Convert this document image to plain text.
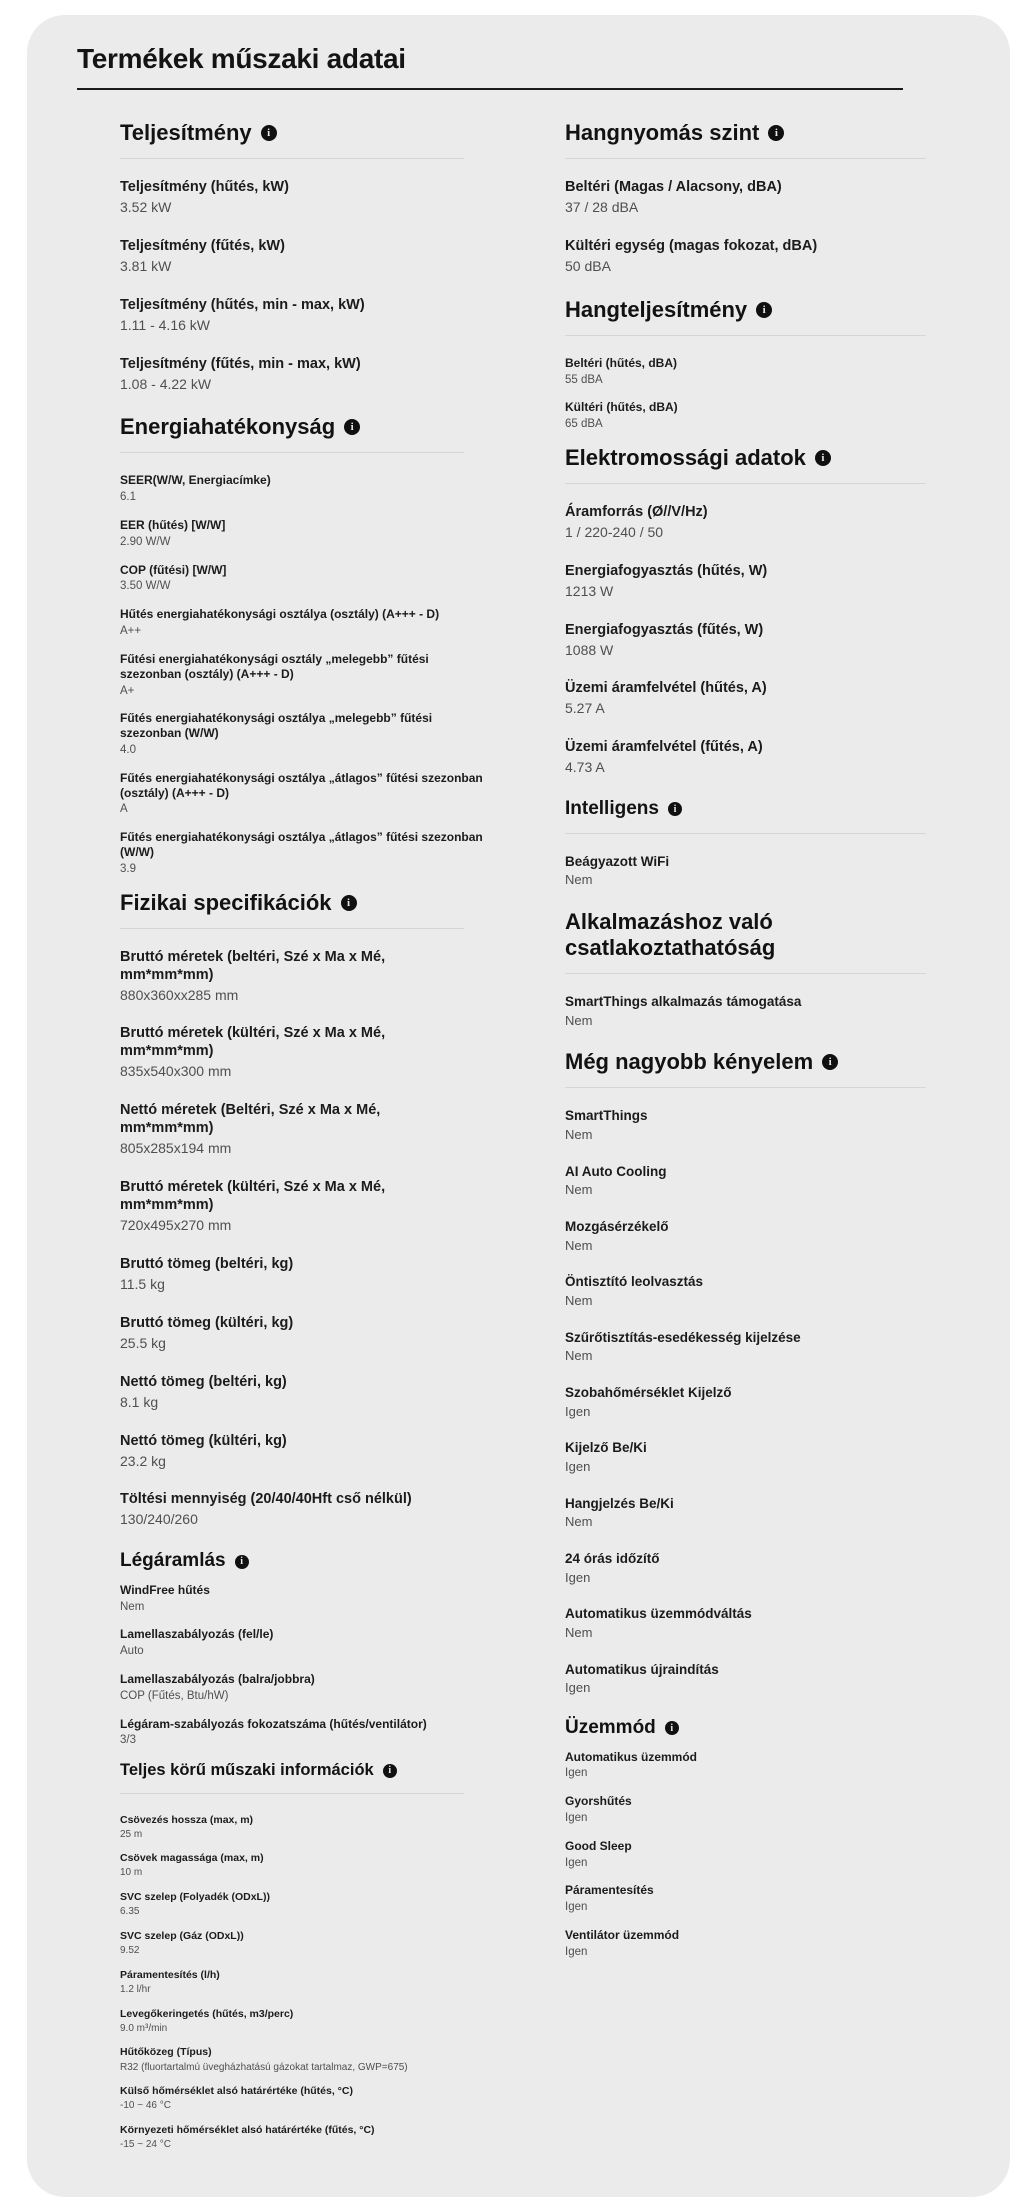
Termékek műszaki adatai
Teljesítmény	i
Teljesítmény (hűtés, kW)
3.52 kW
Teljesítmény (fűtés, kW)
3.81 kW
Teljesítmény (hűtés, min - max, kW)
1.11 - 4.16 kW
Teljesítmény (fűtés, min - max, kW)
1.08 - 4.22 kW
Energiahatékonyság	i
SEER(W/W, Energiacímke)
6.1
EER (hűtés) [W/W]
2.90 W/W
COP (fűtési) [W/W]
3.50 W/W
Hűtés energiahatékonysági osztálya (osztály) (A+++ - D)
A++
Fűtési energiahatékonysági osztály „melegebb” fűtési szezonban (osztály) (A+++ - D)
A+
Fűtés energiahatékonysági osztálya „melegebb” fűtési szezonban (W/W)
4.0
Fűtés energiahatékonysági osztálya „átlagos” fűtési szezonban (osztály) (A+++ - D)
A
Fűtés energiahatékonysági osztálya „átlagos” fűtési szezonban (W/W)
3.9
Fizikai specifikációk	i
Bruttó méretek (beltéri, Szé x Ma x Mé, mm*mm*mm)
880x360xx285 mm
Bruttó méretek (kültéri, Szé x Ma x Mé, mm*mm*mm)
835x540x300 mm
Nettó méretek (Beltéri, Szé x Ma x Mé, mm*mm*mm)
805x285x194 mm
Bruttó méretek (kültéri, Szé x Ma x Mé, mm*mm*mm)
720x495x270 mm
Bruttó tömeg (beltéri, kg)
11.5 kg
Bruttó tömeg (kültéri, kg)
25.5 kg
Nettó tömeg (beltéri, kg)
8.1 kg
Nettó tömeg (kültéri, kg)
23.2 kg
Töltési mennyiség (20/40/40Hft cső nélkül)
130/240/260
Légáramlás	i
WindFree hűtés
Nem
Lamellaszabályozás (fel/le)
Auto
Lamellaszabályozás (balra/jobbra)
COP (Fűtés, Btu/hW)
Légáram-szabályozás fokozatszáma (hűtés/ventilátor)
3/3
Teljes körű műszaki információk	i
Csövezés hossza (max, m)
25 m
Csövek magassága (max, m)
10 m
SVC szelep (Folyadék (ODxL))
6.35
SVC szelep (Gáz (ODxL))
9.52
Páramentesítés (l/h)
1.2 l/hr
Levegőkeringetés (hűtés, m3/perc)
9.0 m³/min
Hűtőközeg (Típus)
R32 (fluortartalmú üvegházhatású gázokat tartalmaz, GWP=675)
Külső hőmérséklet alsó határértéke (hűtés, °C)
-10 ~ 46 °C
Környezeti hőmérséklet alsó határértéke (fűtés, °C)
-15 ~ 24 °C
Hangnyomás szint	i
Beltéri (Magas / Alacsony, dBA)
37 / 28 dBA
Kültéri egység (magas fokozat, dBA)
50 dBA
Hangteljesítmény	i
Beltéri (hűtés, dBA)
55 dBA
Kültéri (hűtés, dBA)
65 dBA
Elektromossági adatok	i
Áramforrás (Ø//V/Hz)
1 / 220-240 / 50
Energiafogyasztás (hűtés, W)
1213 W
Energiafogyasztás (fűtés, W)
1088 W
Üzemi áramfelvétel (hűtés, A)
5.27 A
Üzemi áramfelvétel (fűtés, A)
4.73 A
Intelligens	i
Beágyazott WiFi
Nem
Alkalmazáshoz való csatlakoztathatóság
SmartThings alkalmazás támogatása
Nem
Még nagyobb kényelem	i
SmartThings
Nem
AI Auto Cooling
Nem
Mozgásérzékelő
Nem
Öntisztító leolvasztás
Nem
Szűrőtisztítás-esedékesség kijelzése
Nem
Szobahőmérséklet Kijelző
Igen
Kijelző Be/Ki
Igen
Hangjelzés Be/Ki
Nem
24 órás időzítő
Igen
Automatikus üzemmódváltás
Nem
Automatikus újraindítás
Igen
Üzemmód	i
Automatikus üzemmód
Igen
Gyorshűtés
Igen
Good Sleep
Igen
Páramentesítés
Igen
Ventilátor üzemmód
Igen
